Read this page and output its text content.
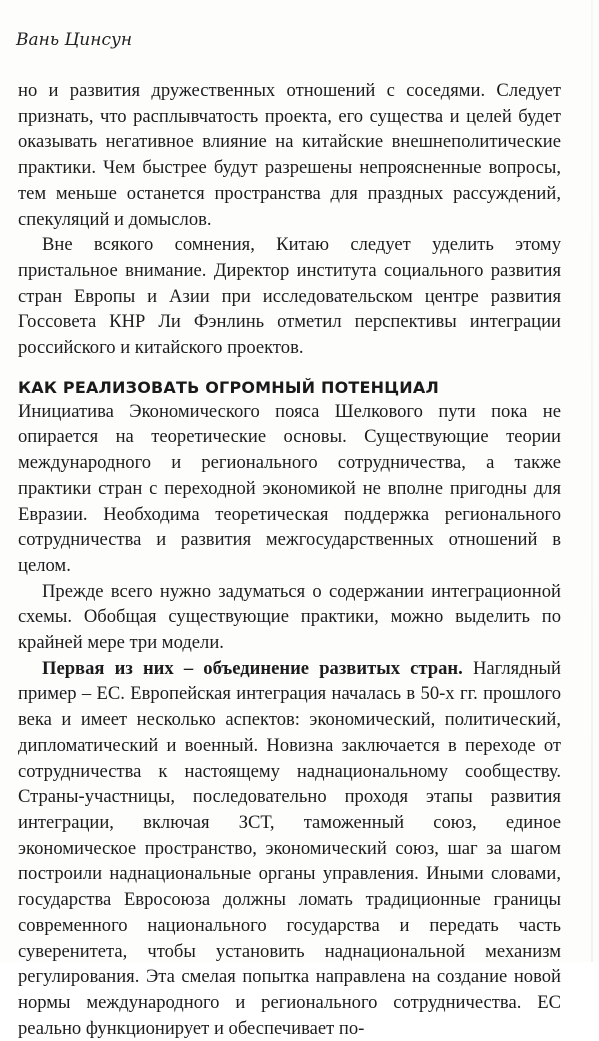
Вань Цинсун

но и развития дружественных отношений с соседями. Следует признать, что расплывчатость проекта, его существа и целей будет оказывать негативное влияние на китайские внешнеполитические практики. Чем быстрее будут разрешены непроясненные вопросы, тем меньше останется пространства для праздных рассуждений, спекуляций и домыслов.

Вне всякого сомнения, Китаю следует уделить этому пристальное внимание. Директор института социального развития стран Европы и Азии при исследовательском центре развития Госсовета КНР Ли Фэнлинь отметил перспективы интеграции российского и китайского проектов.

КАК РЕАЛИЗОВАТЬ ОГРОМНЫЙ ПОТЕНЦИАЛ

Инициатива Экономического пояса Шелкового пути пока не опирается на теоретические основы. Существующие теории международного и регионального сотрудничества, а также практики стран с переходной экономикой не вполне пригодны для Евразии. Необходима теоретическая поддержка регионального сотрудничества и развития межгосударственных отношений в целом.

Прежде всего нужно задуматься о содержании интеграционной схемы. Обобщая существующие практики, можно выделить по крайней мере три модели.

Первая из них – объединение развитых стран. Наглядный пример – ЕС. Европейская интеграция началась в 50-х гг. прошлого века и имеет несколько аспектов: экономический, политический, дипломатический и военный. Новизна заключается в переходе от сотрудничества к настоящему наднациональному сообществу. Страны-участницы, последовательно проходя этапы развития интеграции, включая ЗСТ, таможенный союз, единое экономическое пространство, экономический союз, шаг за шагом построили наднациональные органы управления. Иными словами, государства Евросоюза должны ломать традиционные границы современного национального государства и передать часть суверенитета, чтобы установить наднациональной механизм регулирования. Эта смелая попытка направлена на создание новой нормы международного и регионального сотрудничества. ЕС реально функционирует и обеспечивает по-
